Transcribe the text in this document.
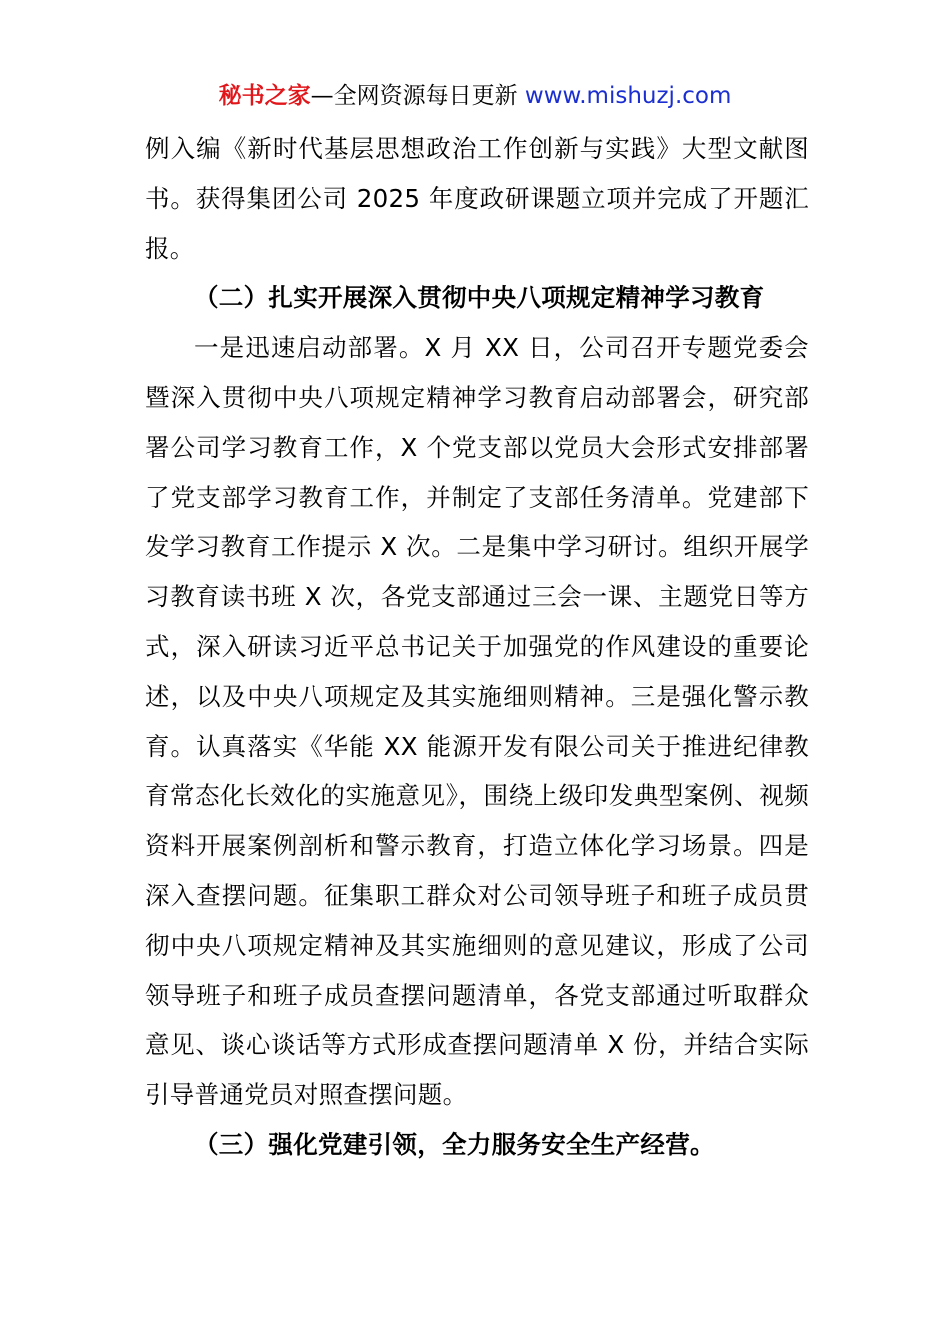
秘书之家—全网资源每日更新 www.mishuzj.com

例入编《新时代基层思想政治工作创新与实践》大型文献图书。获得集团公司 2025 年度政研课题立项并完成了开题汇报。

（二）扎实开展深入贯彻中央八项规定精神学习教育

一是迅速启动部署。X 月 XX 日，公司召开专题党委会暨深入贯彻中央八项规定精神学习教育启动部署会，研究部署公司学习教育工作，X 个党支部以党员大会形式安排部署了党支部学习教育工作，并制定了支部任务清单。党建部下发学习教育工作提示 X 次。二是集中学习研讨。组织开展学习教育读书班 X 次，各党支部通过三会一课、主题党日等方式，深入研读习近平总书记关于加强党的作风建设的重要论述，以及中央八项规定及其实施细则精神。三是强化警示教育。认真落实《华能 XX 能源开发有限公司关于推进纪律教育常态化长效化的实施意见》，围绕上级印发典型案例、视频资料开展案例剖析和警示教育，打造立体化学习场景。四是深入查摆问题。征集职工群众对公司领导班子和班子成员贯彻中央八项规定精神及其实施细则的意见建议，形成了公司领导班子和班子成员查摆问题清单，各党支部通过听取群众意见、谈心谈话等方式形成查摆问题清单 X 份，并结合实际引导普通党员对照查摆问题。

（三）强化党建引领，全力服务安全生产经营。
